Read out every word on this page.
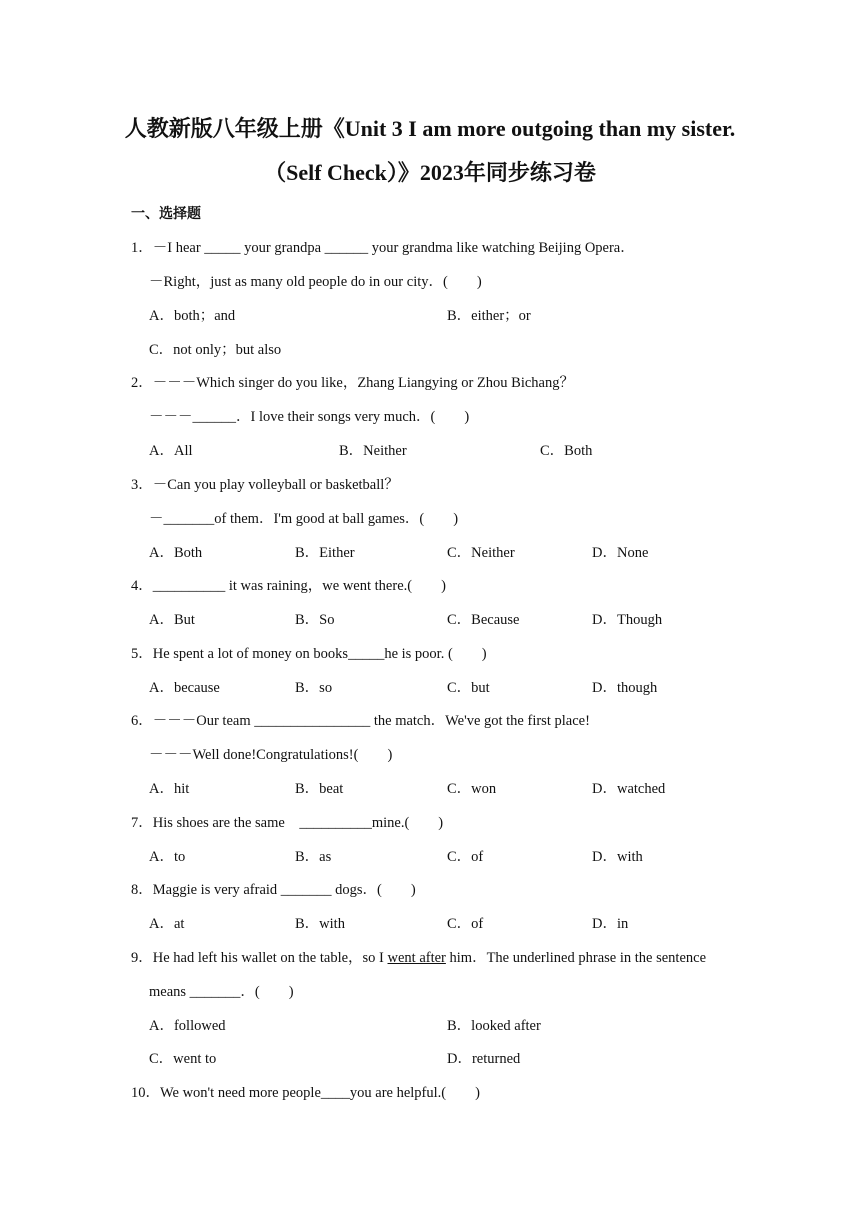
人教新版八年级上册《Unit 3 I am more outgoing than my sister.
（Self Check）》2023年同步练习卷
一、选择题
1．－I hear _____ your grandpa ______ your grandma like watching Beijing Opera．
－Right，just as many old people do in our city．(　　)
A．both；and	B．either；or
C．not only；but also
2．－－－Which singer do you like，Zhang Liangying or Zhou Bichang？
－－－______．I love their songs very much．(　　)
A．All	B．Neither	C．Both
3．－Can you play volleyball or basketball？
－_______of them．I'm good at ball games．(　　)
A．Both	B．Either	C．Neither	D．None
4．__________ it was raining，we went there.(　　)
A．But	B．So	C．Because	D．Though
5．He spent a lot of money on books_____he is poor. (　　)
A．because	B．so	C．but	D．though
6．－－－Our team ________________ the match．We've got the first place!
－－－Well done!Congratulations!(　　)
A．hit	B．beat	C．won	D．watched
7．His shoes are the same　__________mine.(　　)
A．to	B．as	C．of	D．with
8．Maggie is very afraid _______ dogs．(　　)
A．at	B．with	C．of	D．in
9．He had left his wallet on the table，so I went after him．The underlined phrase in the sentence
means _______．(　　)
A．followed	B．looked after
C．went to	D．returned
10．We won't need more people____you are helpful.(　　)
